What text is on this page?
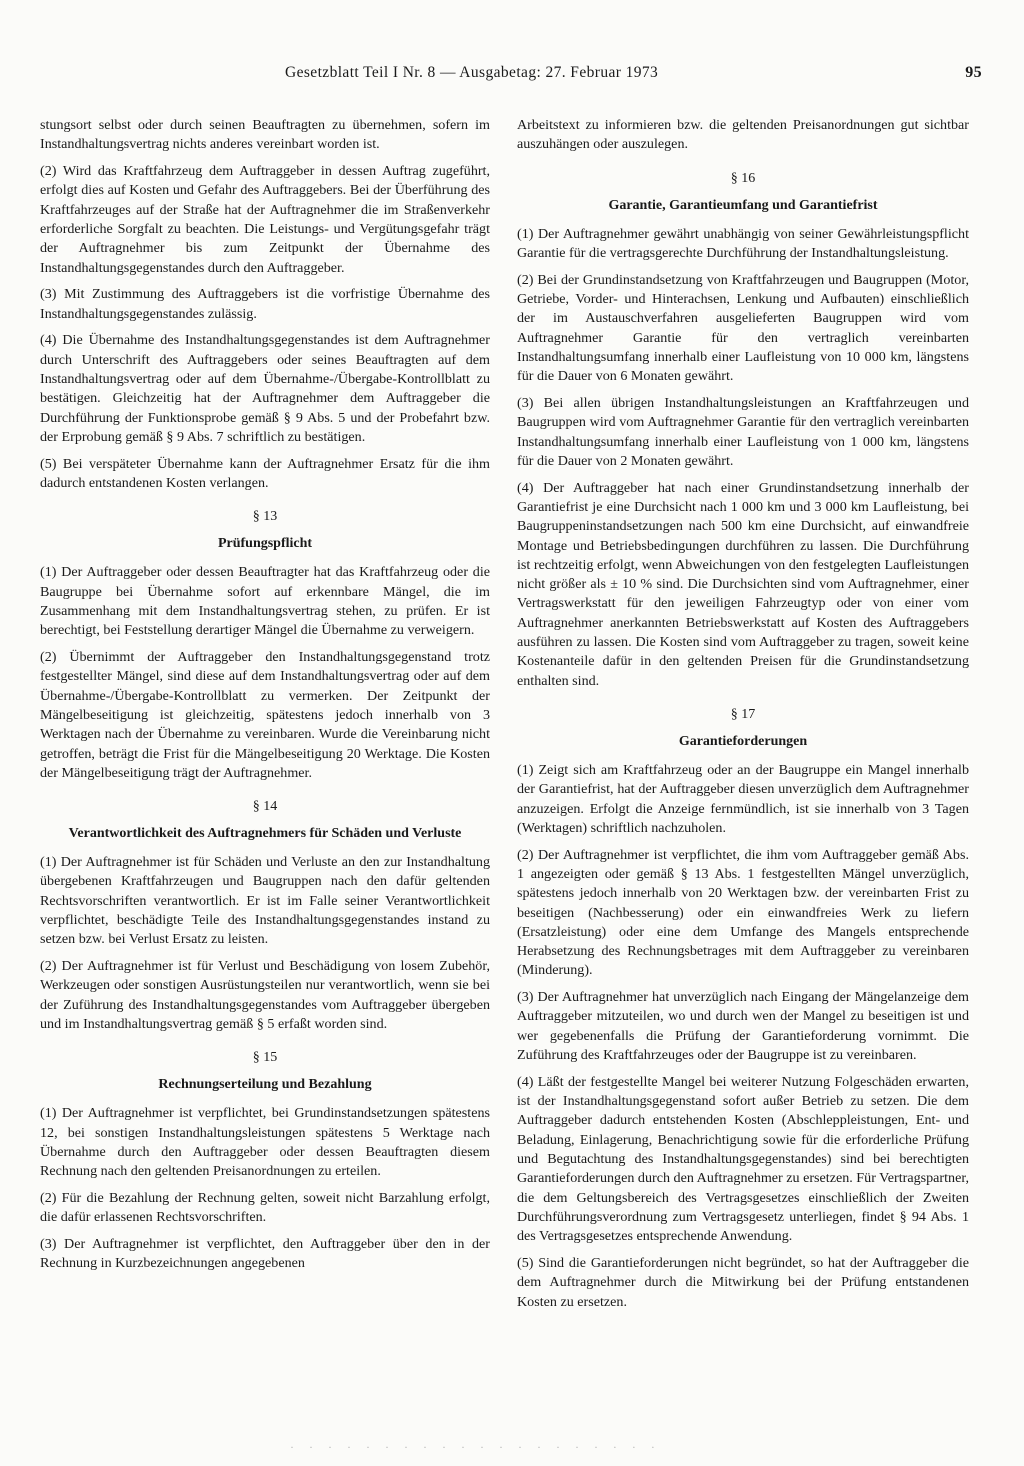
Gesetzblatt Teil I Nr. 8 — Ausgabetag: 27. Februar 1973	95

stungsort selbst oder durch seinen Beauftragten zu übernehmen, sofern im Instandhaltungsvertrag nichts anderes vereinbart worden ist.

(2) Wird das Kraftfahrzeug dem Auftraggeber in dessen Auftrag zugeführt, erfolgt dies auf Kosten und Gefahr des Auftraggebers. Bei der Überführung des Kraftfahrzeuges auf der Straße hat der Auftragnehmer die im Straßenverkehr erforderliche Sorgfalt zu beachten. Die Leistungs- und Vergütungsgefahr trägt der Auftragnehmer bis zum Zeitpunkt der Übernahme des Instandhaltungsgegenstandes durch den Auftraggeber.

(3) Mit Zustimmung des Auftraggebers ist die vorfristige Übernahme des Instandhaltungsgegenstandes zulässig.

(4) Die Übernahme des Instandhaltungsgegenstandes ist dem Auftragnehmer durch Unterschrift des Auftraggebers oder seines Beauftragten auf dem Instandhaltungsvertrag oder auf dem Übernahme-/Übergabe-Kontrollblatt zu bestätigen. Gleichzeitig hat der Auftragnehmer dem Auftraggeber die Durchführung der Funktionsprobe gemäß § 9 Abs. 5 und der Probefahrt bzw. der Erprobung gemäß § 9 Abs. 7 schriftlich zu bestätigen.

(5) Bei verspäteter Übernahme kann der Auftragnehmer Ersatz für die ihm dadurch entstandenen Kosten verlangen.

§ 13
Prüfungspflicht

(1) Der Auftraggeber oder dessen Beauftragter hat das Kraftfahrzeug oder die Baugruppe bei Übernahme sofort auf erkennbare Mängel, die im Zusammenhang mit dem Instandhaltungsvertrag stehen, zu prüfen. Er ist berechtigt, bei Feststellung derartiger Mängel die Übernahme zu verweigern.

(2) Übernimmt der Auftraggeber den Instandhaltungsgegenstand trotz festgestellter Mängel, sind diese auf dem Instandhaltungsvertrag oder auf dem Übernahme-/Übergabe-Kontrollblatt zu vermerken. Der Zeitpunkt der Mängelbeseitigung ist gleichzeitig, spätestens jedoch innerhalb von 3 Werktagen nach der Übernahme zu vereinbaren. Wurde die Vereinbarung nicht getroffen, beträgt die Frist für die Mängelbeseitigung 20 Werktage. Die Kosten der Mängelbeseitigung trägt der Auftragnehmer.

§ 14
Verantwortlichkeit des Auftragnehmers für Schäden und Verluste

(1) Der Auftragnehmer ist für Schäden und Verluste an den zur Instandhaltung übergebenen Kraftfahrzeugen und Baugruppen nach den dafür geltenden Rechtsvorschriften verantwortlich. Er ist im Falle seiner Verantwortlichkeit verpflichtet, beschädigte Teile des Instandhaltungsgegenstandes instand zu setzen bzw. bei Verlust Ersatz zu leisten.

(2) Der Auftragnehmer ist für Verlust und Beschädigung von losem Zubehör, Werkzeugen oder sonstigen Ausrüstungsteilen nur verantwortlich, wenn sie bei der Zuführung des Instandhaltungsgegenstandes vom Auftraggeber übergeben und im Instandhaltungsvertrag gemäß § 5 erfaßt worden sind.

§ 15
Rechnungserteilung und Bezahlung

(1) Der Auftragnehmer ist verpflichtet, bei Grundinstandsetzungen spätestens 12, bei sonstigen Instandhaltungsleistungen spätestens 5 Werktage nach Übernahme durch den Auftraggeber oder dessen Beauftragten diesem Rechnung nach den geltenden Preisanordnungen zu erteilen.

(2) Für die Bezahlung der Rechnung gelten, soweit nicht Barzahlung erfolgt, die dafür erlassenen Rechtsvorschriften.

(3) Der Auftragnehmer ist verpflichtet, den Auftraggeber über den in der Rechnung in Kurzbezeichnungen angegebenen

Arbeitstext zu informieren bzw. die geltenden Preisanordnungen gut sichtbar auszuhängen oder auszulegen.

§ 16
Garantie, Garantieumfang und Garantiefrist

(1) Der Auftragnehmer gewährt unabhängig von seiner Gewährleistungspflicht Garantie für die vertragsgerechte Durchführung der Instandhaltungsleistung.

(2) Bei der Grundinstandsetzung von Kraftfahrzeugen und Baugruppen (Motor, Getriebe, Vorder- und Hinterachsen, Lenkung und Aufbauten) einschließlich der im Austauschverfahren ausgelieferten Baugruppen wird vom Auftragnehmer Garantie für den vertraglich vereinbarten Instandhaltungsumfang innerhalb einer Laufleistung von 10 000 km, längstens für die Dauer von 6 Monaten gewährt.

(3) Bei allen übrigen Instandhaltungsleistungen an Kraftfahrzeugen und Baugruppen wird vom Auftragnehmer Garantie für den vertraglich vereinbarten Instandhaltungsumfang innerhalb einer Laufleistung von 1 000 km, längstens für die Dauer von 2 Monaten gewährt.

(4) Der Auftraggeber hat nach einer Grundinstandsetzung innerhalb der Garantiefrist je eine Durchsicht nach 1 000 km und 3 000 km Laufleistung, bei Baugruppeninstandsetzungen nach 500 km eine Durchsicht, auf einwandfreie Montage und Betriebsbedingungen durchführen zu lassen. Die Durchführung ist rechtzeitig erfolgt, wenn Abweichungen von den festgelegten Laufleistungen nicht größer als ± 10 % sind. Die Durchsichten sind vom Auftragnehmer, einer Vertragswerkstatt für den jeweiligen Fahrzeugtyp oder von einer vom Auftragnehmer anerkannten Betriebswerkstatt auf Kosten des Auftraggebers ausführen zu lassen. Die Kosten sind vom Auftraggeber zu tragen, soweit keine Kostenanteile dafür in den geltenden Preisen für die Grundinstandsetzung enthalten sind.

§ 17
Garantieforderungen

(1) Zeigt sich am Kraftfahrzeug oder an der Baugruppe ein Mangel innerhalb der Garantiefrist, hat der Auftraggeber diesen unverzüglich dem Auftragnehmer anzuzeigen. Erfolgt die Anzeige fernmündlich, ist sie innerhalb von 3 Tagen (Werktagen) schriftlich nachzuholen.

(2) Der Auftragnehmer ist verpflichtet, die ihm vom Auftraggeber gemäß Abs. 1 angezeigten oder gemäß § 13 Abs. 1 festgestellten Mängel unverzüglich, spätestens jedoch innerhalb von 20 Werktagen bzw. der vereinbarten Frist zu beseitigen (Nachbesserung) oder ein einwandfreies Werk zu liefern (Ersatzleistung) oder eine dem Umfange des Mangels entsprechende Herabsetzung des Rechnungsbetrages mit dem Auftraggeber zu vereinbaren (Minderung).

(3) Der Auftragnehmer hat unverzüglich nach Eingang der Mängelanzeige dem Auftraggeber mitzuteilen, wo und durch wen der Mangel zu beseitigen ist und wer gegebenenfalls die Prüfung der Garantieforderung vornimmt. Die Zuführung des Kraftfahrzeuges oder der Baugruppe ist zu vereinbaren.

(4) Läßt der festgestellte Mangel bei weiterer Nutzung Folgeschäden erwarten, ist der Instandhaltungsgegenstand sofort außer Betrieb zu setzen. Die dem Auftraggeber dadurch entstehenden Kosten (Abschleppleistungen, Ent- und Beladung, Einlagerung, Benachrichtigung sowie für die erforderliche Prüfung und Begutachtung des Instandhaltungsgegenstandes) sind bei berechtigten Garantieforderungen durch den Auftragnehmer zu ersetzen. Für Vertragspartner, die dem Geltungsbereich des Vertragsgesetzes einschließlich der Zweiten Durchführungsverordnung zum Vertragsgesetz unterliegen, findet § 94 Abs. 1 des Vertragsgesetzes entsprechende Anwendung.

(5) Sind die Garantieforderungen nicht begründet, so hat der Auftraggeber die dem Auftragnehmer durch die Mitwirkung bei der Prüfung entstandenen Kosten zu ersetzen.

· · · · · · · · · · · · · · · · · · · ·
